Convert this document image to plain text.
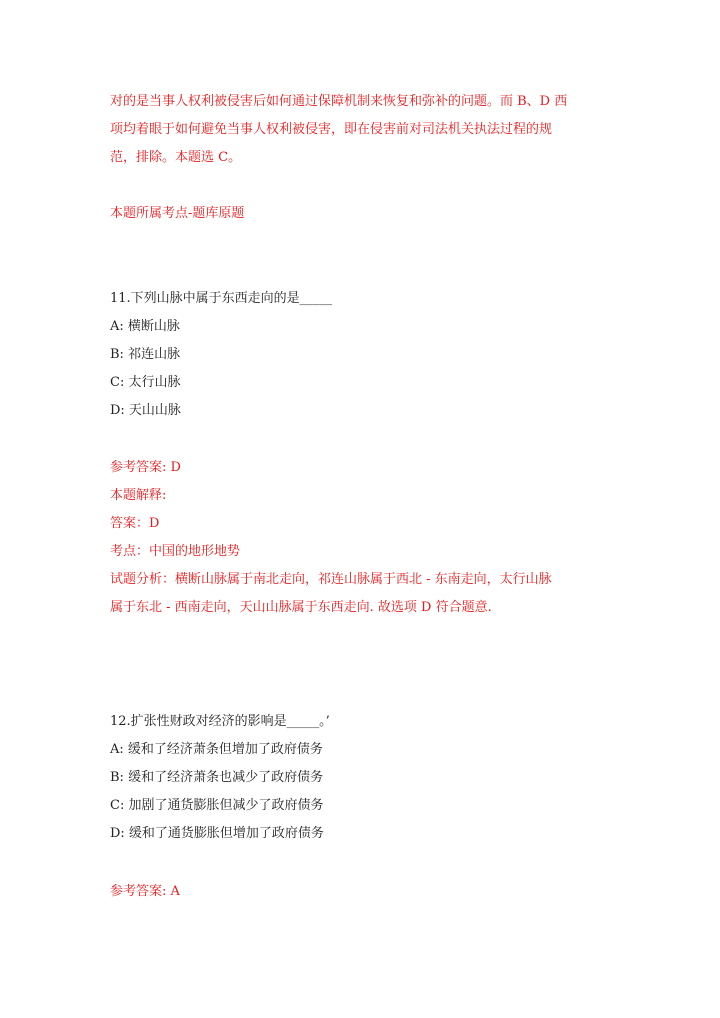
对的是当事人权利被侵害后如何通过保障机制来恢复和弥补的问题。而 B、D 西
项均着眼于如何避免当事人权利被侵害，即在侵害前对司法机关执法过程的规
范，排除。本题选 C。
本题所属考点-题库原题
11.下列山脉中属于东西走向的是_____
A: 横断山脉
B: 祁连山脉
C: 太行山脉
D: 天山山脉
参考答案: D
本题解释:
答案：D
考点：中国的地形地势
试题分析：横断山脉属于南北走向，祁连山脉属于西北 - 东南走向，太行山脉
属于东北 - 西南走向，天山山脉属于东西走向. 故选项 D 符合题意.
12.扩张性财政对经济的影响是_____。’
A: 缓和了经济萧条但增加了政府债务
B: 缓和了经济萧条也减少了政府债务
C: 加剧了通货膨胀但减少了政府债务
D: 缓和了通货膨胀但增加了政府债务
参考答案: A
